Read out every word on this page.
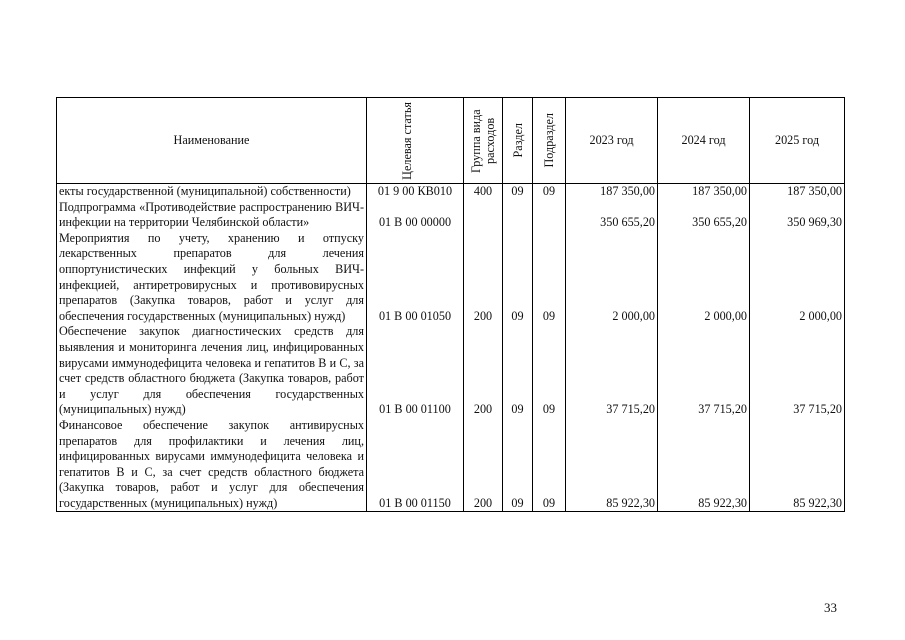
Наименование	Целевая статья	Группа вида расходов	Раздел	Подраздел	2023 год	2024 год	2025 год
екты государственной (муниципальной) собственности)	01 9 00 КВ010	400	09	09	187 350,00	187 350,00	187 350,00
Подпрограмма «Противодействие распространению ВИЧ-инфекции на территории Челябинской области»	01 В 00 00000				350 655,20	350 655,20	350 969,30
Мероприятия по учету, хранению и отпуску лекарственных препаратов для лечения оппортунистических инфекций у больных ВИЧ-инфекцией, антиретровирусных и противовирусных препаратов (Закупка товаров, работ и услуг для обеспечения государственных (муниципальных) нужд)	01 В 00 01050	200	09	09	2 000,00	2 000,00	2 000,00
Обеспечение закупок диагностических средств для выявления и мониторинга лечения лиц, инфицированных вирусами иммунодефицита человека и гепатитов В и С, за счет средств областного бюджета (Закупка товаров, работ и услуг для обеспечения государственных (муниципальных) нужд)	01 В 00 01100	200	09	09	37 715,20	37 715,20	37 715,20
Финансовое обеспечение закупок антивирусных препаратов для профилактики и лечения лиц, инфицированных вирусами иммунодефицита человека и гепатитов В и С, за счет средств областного бюджета (Закупка товаров, работ и услуг для обеспечения государственных (муниципальных) нужд)	01 В 00 01150	200	09	09	85 922,30	85 922,30	85 922,30
33
